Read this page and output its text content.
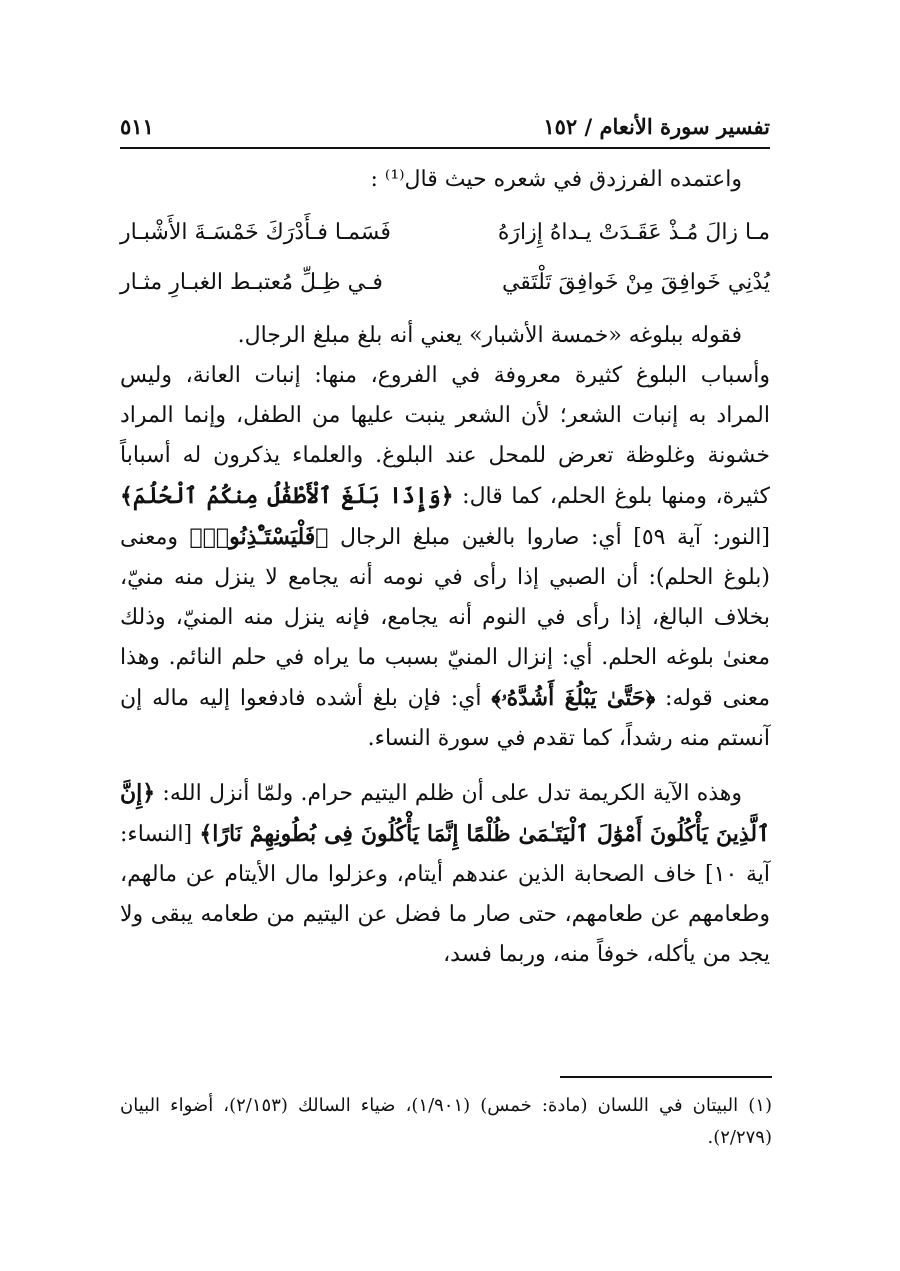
تفسير سورة الأنعام / ١٥٢
٥١١

واعتمده الفرزدق في شعره حيث قال⁽¹⁾ :

مـا زالَ مُـذْ عَقَـدَتْ يـداهُ إِزارَهُ
فَسَمـا فـأَدْرَكَ خَمْسَـةَ الأَشْبـار
يُدْنِي خَوافِقَ مِنْ خَوافِقَ تَلْتَقي
فـي ظِـلِّ مُعتبـط الغبـارِ مثـار

فقوله ببلوغه «خمسة الأشبار» يعني أنه بلغ مبلغ الرجال.

وأسباب البلوغ كثيرة معروفة في الفروع، منها: إنبات العانة، وليس المراد به إنبات الشعر؛ لأن الشعر ينبت عليها من الطفل، وإنما المراد خشونة وغلوظة تعرض للمحل عند البلوغ. والعلماء يذكرون له أسباباً كثيرة، ومنها بلوغ الحلم، كما قال: ﴿وَإِذَا بَلَغَ ٱلْأَطْفَٰلُ مِنكُمُ ٱلْحُلُمَ﴾ [النور: آية ٥٩] أي: صاروا بالغين مبلغ الرجال ﴿فَلْيَسْتَـْٔذِنُوا۟﴾ ومعنى (بلوغ الحلم): أن الصبي إذا رأى في نومه أنه يجامع لا ينزل منه منيّ، بخلاف البالغ، إذا رأى في النوم أنه يجامع، فإنه ينزل منه المنيّ، وذلك معنىٰ بلوغه الحلم. أي: إنزال المنيّ بسبب ما يراه في حلم النائم. وهذا معنى قوله: ﴿حَتَّىٰ يَبْلُغَ أَشُدَّهُۥ﴾ أي: فإن بلغ أشده فادفعوا إليه ماله إن آنستم منه رشداً، كما تقدم في سورة النساء.

وهذه الآية الكريمة تدل على أن ظلم اليتيم حرام. ولمّا أنزل الله: ﴿إِنَّ ٱلَّذِينَ يَأْكُلُونَ أَمْوَٰلَ ٱلْيَتَـٰمَىٰ ظُلْمًا إِنَّمَا يَأْكُلُونَ فِى بُطُونِهِمْ نَارًا﴾ [النساء: آية ١٠] خاف الصحابة الذين عندهم أيتام، وعزلوا مال الأيتام عن مالهم، وطعامهم عن طعامهم، حتى صار ما فضل عن اليتيم من طعامه يبقى ولا يجد من يأكله، خوفاً منه، وربما فسد،

(١) البيتان في اللسان (مادة: خمس) (١/٩٠١)، ضياء السالك (٢/١٥٣)، أضواء البيان (٢/٢٧٩).
